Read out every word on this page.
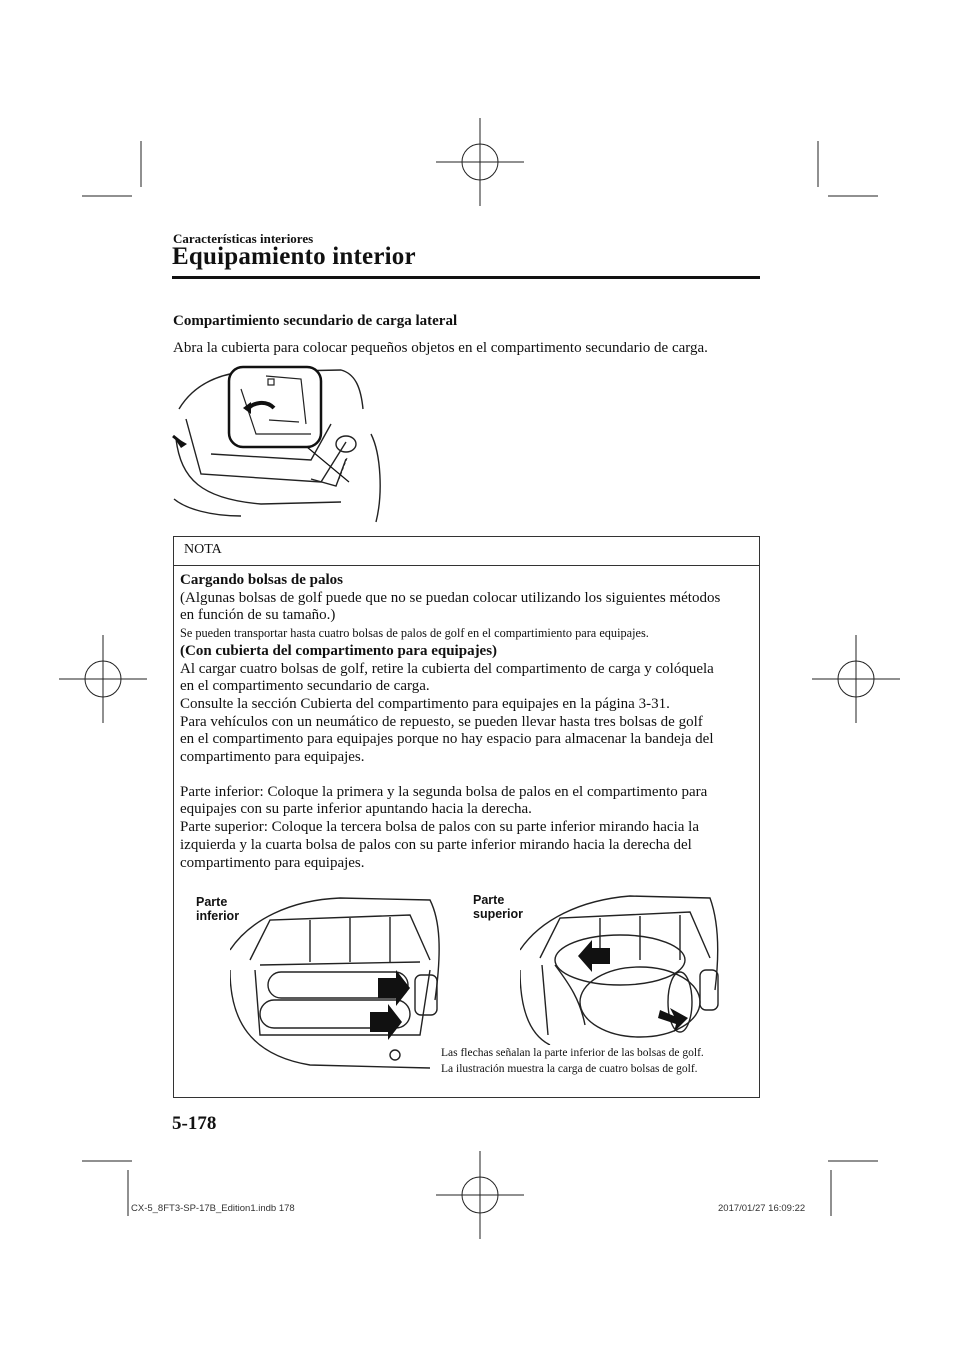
Características interiores
Equipamiento interior
Compartimiento secundario de carga lateral
Abra la cubierta para colocar pequeños objetos en el compartimento secundario de carga.
NOTA

Cargando bolsas de palos

(Algunas bolsas de golf puede que no se puedan colocar utilizando los siguientes métodos

en función de su tamaño.)

Se pueden transportar hasta cuatro bolsas de palos de golf en el compartimiento para equipajes.

(Con cubierta del compartimento para equipajes)

Al cargar cuatro bolsas de golf, retire la cubierta del compartimento de carga y colóquela

en el compartimento secundario de carga.

Consulte la sección Cubierta del compartimento para equipajes en la página 3-31.

Para vehículos con un neumático de repuesto, se pueden llevar hasta tres bolsas de golf

en el compartimento para equipajes porque no hay espacio para almacenar la bandeja del

compartimento para equipajes.

Parte inferior: Coloque la primera y la segunda bolsa de palos en el compartimento para

equipajes con su parte inferior apuntando hacia la derecha.

Parte superior: Coloque la tercera bolsa de palos con su parte inferior mirando hacia la

izquierda y la cuarta bolsa de palos con su parte inferior mirando hacia la derecha del

compartimento para equipajes.

Parte
inferior
Parte
superior
Las flechas señalan la parte inferior de las bolsas de golf.
La ilustración muestra la carga de cuatro bolsas de golf.
5-178
CX-5_8FT3-SP-17B_Edition1.indb 178	2017/01/27 16:09:22
